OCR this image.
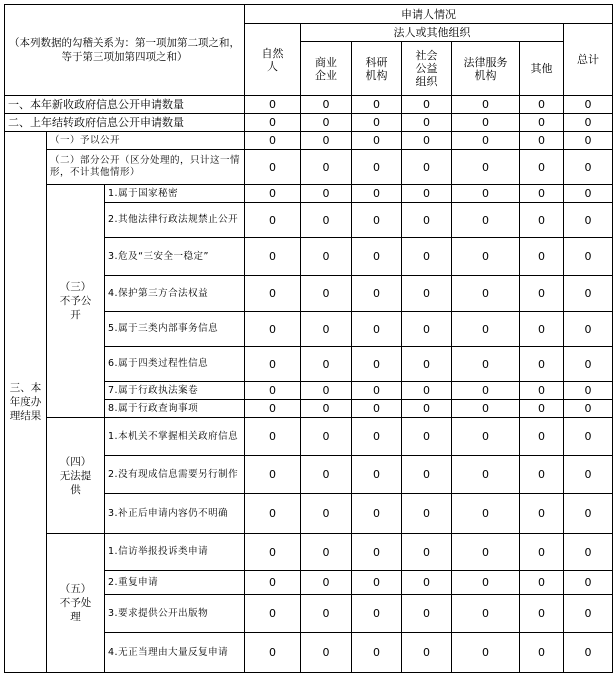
（本列数据的勾稽关系为：第一项加第二项之和，等于第三项加第四项之和）			申请人情况						
			自然人	法人或其他组织					总计
				商业企业	科研机构	社会公益组织	法律服务机构	其他	
一、本年新收政府信息公开申请数量			0	0	0	0	0	0	0
二、上年结转政府信息公开申请数量			0	0	0	0	0	0	0
三、本年度办理结果	（一）予以公开		0	0	0	0	0	0	0
	（二）部分公开（区分处理的，只计这一情形，不计其他情形）		0	0	0	0	0	0	0
	（三）不予公开	1.属于国家秘密	0	0	0	0	0	0	0
		2.其他法律行政法规禁止公开	0	0	0	0	0	0	0
		3.危及“三安全一稳定”	0	0	0	0	0	0	0
		4.保护第三方合法权益	0	0	0	0	0	0	0
		5.属于三类内部事务信息	0	0	0	0	0	0	0
		6.属于四类过程性信息	0	0	0	0	0	0	0
		7.属于行政执法案卷	0	0	0	0	0	0	0
		8.属于行政查询事项	0	0	0	0	0	0	0
	（四）无法提供	1.本机关不掌握相关政府信息	0	0	0	0	0	0	0
		2.没有现成信息需要另行制作	0	0	0	0	0	0	0
		3.补正后申请内容仍不明确	0	0	0	0	0	0	0
	（五）不予处理	1.信访举报投诉类申请	0	0	0	0	0	0	0
		2.重复申请	0	0	0	0	0	0	0
		3.要求提供公开出版物	0	0	0	0	0	0	0
		4.无正当理由大量反复申请	0	0	0	0	0	0	0
